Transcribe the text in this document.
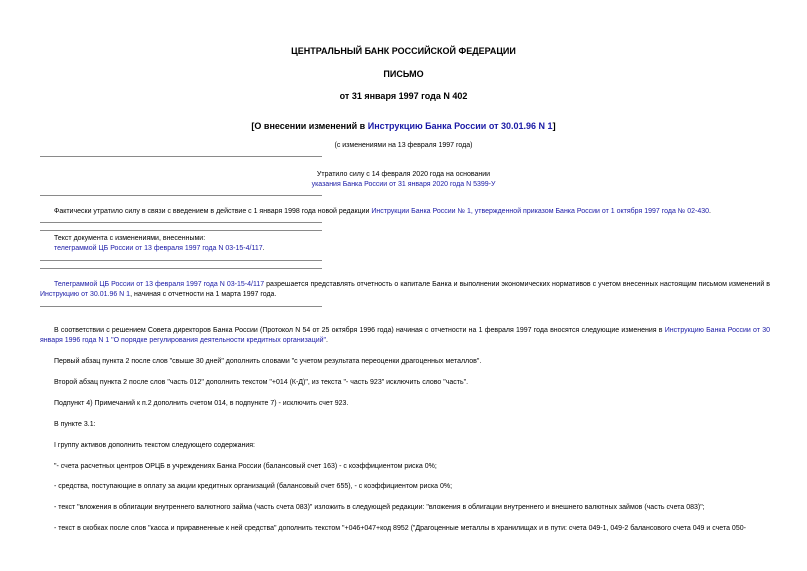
ЦЕНТРАЛЬНЫЙ БАНК РОССИЙСКОЙ ФЕДЕРАЦИИ
ПИСЬМО
от 31 января 1997 года N 402
[О внесении изменений в Инструкцию Банка России от 30.01.96 N 1]
(с изменениями на 13 февраля 1997 года)
Утратило силу с 14 февраля 2020 года на основании
указания Банка России от 31 января 2020 года N 5399-У
Фактически утратило силу в связи с введением в действие с 1 января 1998 года новой редакции Инструкции Банка России № 1, утвержденной приказом Банка России от 1 октября 1997 года № 02-430.
Текст документа с изменениями, внесенными:
телеграммой ЦБ России от 13 февраля 1997 года N 03-15-4/117.
Телеграммой ЦБ России от 13 февраля 1997 года N 03-15-4/117 разрешается представлять отчетность о капитале Банка и выполнении экономических нормативов с учетом внесенных настоящим письмом изменений в Инструкцию от 30.01.96 N 1, начиная с отчетности на 1 марта 1997 года.
В соответствии с решением Совета директоров Банка России (Протокол N 54 от 25 октября 1996 года) начиная с отчетности на 1 февраля 1997 года вносятся следующие изменения в Инструкцию Банка России от 30 января 1996 года N 1 "О порядке регулирования деятельности кредитных организаций".
Первый абзац пункта 2 после слов "свыше 30 дней" дополнить словами "с учетом результата переоценки драгоценных металлов".
Второй абзац пункта 2 после слов "часть 012" дополнить текстом "+014 (К-Д)", из текста "- часть 923" исключить слово "часть".
Подпункт 4) Примечаний к п.2 дополнить счетом 014, в подпункте 7) - исключить счет 923.
В пункте 3.1:
I группу активов дополнить текстом следующего содержания:
"- счета расчетных центров ОРЦБ в учреждениях Банка России (балансовый счет 163) - с коэффициентом риска 0%;
- средства, поступающие в оплату за акции кредитных организаций (балансовый счет 655), - с коэффициентом риска 0%;
- текст "вложения в облигации внутреннего валютного займа (часть счета 083)" изложить в следующей редакции: "вложения в облигации внутреннего и внешнего валютных займов (часть счета 083)";
- текст в скобках после слов "касса и приравненные к ней средства" дополнить текстом "+046+047+код 8952 ("Драгоценные металлы в хранилищах и в пути: счета 049-1, 049-2 балансового счета 049 и счета 050-
